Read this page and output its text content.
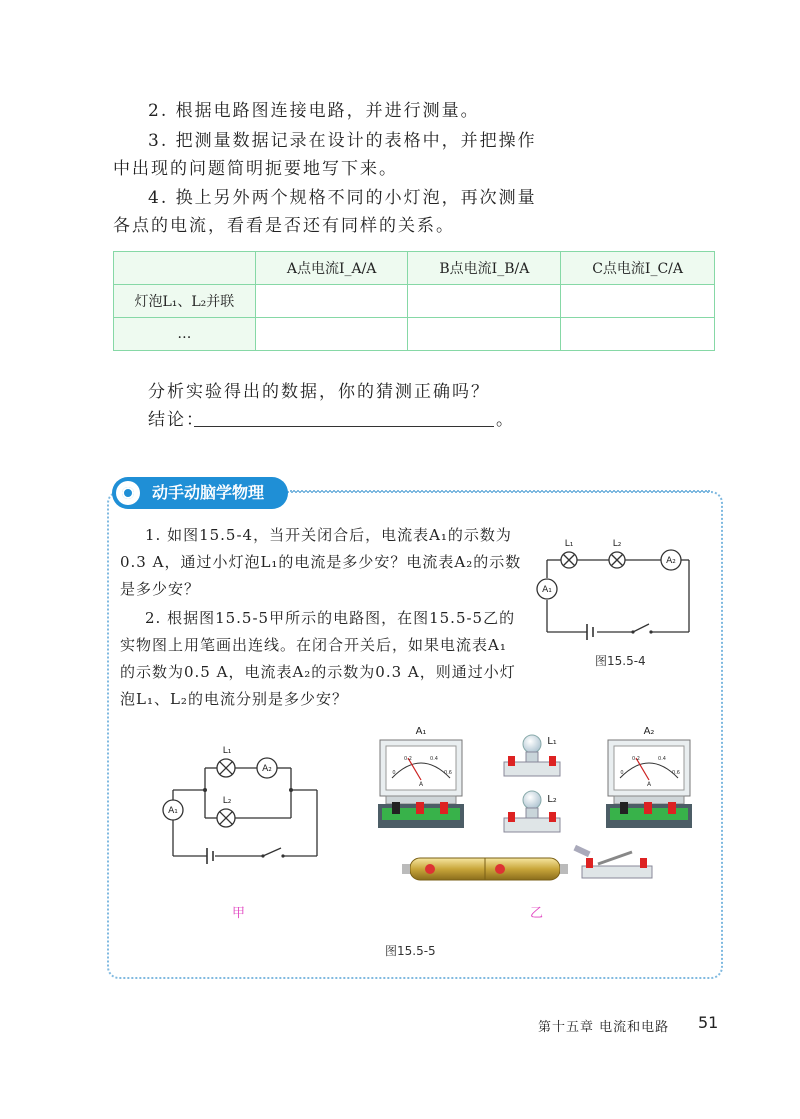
2. 根据电路图连接电路，并进行测量。
3. 把测量数据记录在设计的表格中，并把操作
中出现的问题简明扼要地写下来。
4. 换上另外两个规格不同的小灯泡，再次测量
各点的电流，看看是否还有同样的关系。
	A点电流I_A/A	B点电流I_B/A	C点电流I_C/A
灯泡L₁、L₂并联			
…			
分析实验得出的数据，你的猜测正确吗？
结论：	。
动手动脑学物理
1. 如图15.5-4，当开关闭合后，电流表A₁的示数为
0.3 A，通过小灯泡L₁的电流是多少安？电流表A₂的示数
是多少安？
2. 根据图15.5-5甲所示的电路图，在图15.5-5乙的
实物图上用笔画出连线。在闭合开关后，如果电流表A₁
的示数为0.5 A，电流表A₂的示数为0.3 A，则通过小灯
泡L₁、L₂的电流分别是多少安？
L₁	L₂
A₂
A₁
图15.5-4
L₁
L₂
A₂
A₁
甲
0
0.2	0.4
0.6
A
0
0.2	0.4
0.6
A
A₁	A₂
L₁
L₂
乙
图15.5-5
第十五章 电流和电路 51
